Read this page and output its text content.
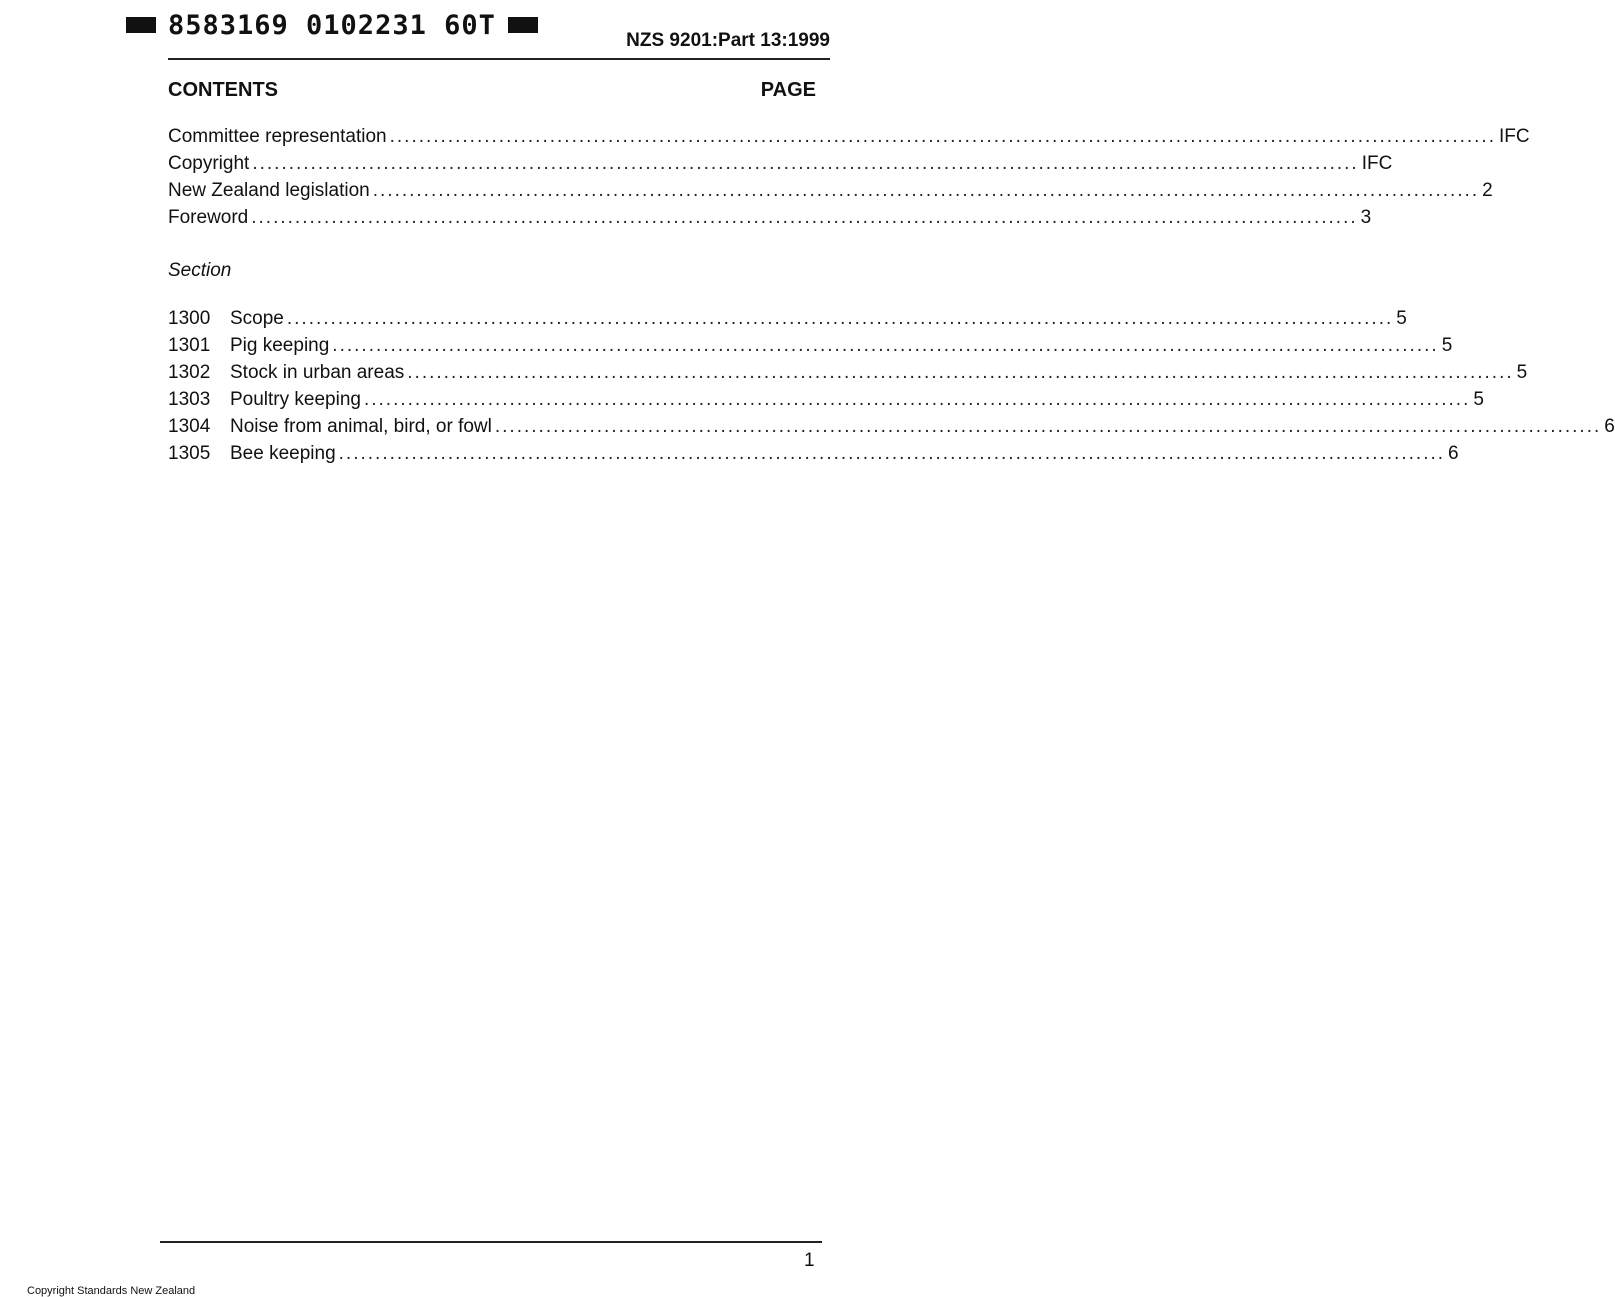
8583169 0102231 60T	NZS 9201:Part 13:1999
CONTENTS	PAGE
Committee representation ........................................................................................................................................................ IFC
Copyright ........................................................................................................................................................ IFC
New Zealand legislation ........................................................................................................................................................ 2
Foreword ........................................................................................................................................................ 3
Section
1300	Scope ........................................................................................................................................................ 5
1301	Pig keeping ........................................................................................................................................................ 5
1302	Stock in urban areas ........................................................................................................................................................ 5
1303	Poultry keeping ........................................................................................................................................................ 5
1304	Noise from animal, bird, or fowl ........................................................................................................................................................ 6
1305	Bee keeping ........................................................................................................................................................ 6
1
Copyright Standards New Zealand
